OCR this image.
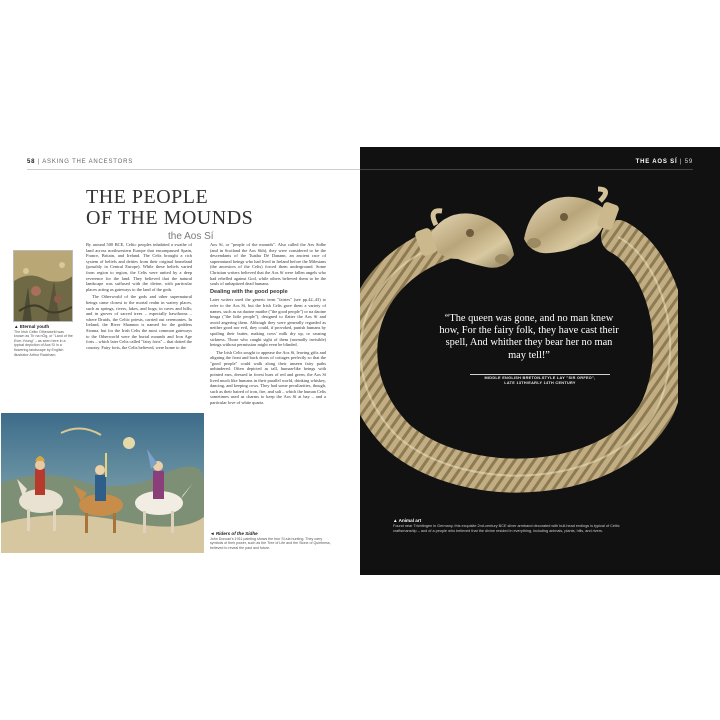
58 | ASKING THE ANCESTORS
THE PEOPLE
OF THE MOUNDS
the Aos Sí
▲ Eternal youth
The Irish Celtic Otherworld was known as Tír na nÓg, or "Land of the Ever-Young" – as seen here in a typical depiction of Aos Sí in a flowering landscape by English illustrator Arthur Rackham.

By around 500 BCE, Celtic peoples inhabited a swathe of land across northwestern Europe that encompassed Spain, France, Britain, and Ireland. The Celts brought a rich system of beliefs and deities from their original homeland (possibly in Central Europe). While these beliefs varied from region to region, the Celts were united by a deep reverence for the land. They believed that the natural landscape was suffused with the divine, with particular places acting as gateways to the land of the gods.

The Otherworld of the gods and other supernatural beings came closest to the mortal realm in watery places, such as springs, rivers, lakes, and bogs; in caves and hills; and in groves of sacred trees – especially hawthorns – where Druids, the Celtic priests, carried out ceremonies. In Ireland, the River Shannon is named for the goddess Sionna, but for the Irish Celts the most common gateways to the Otherworld were the burial mounds and Iron Age forts – which later Celts called "fairy forts" – that dotted the country. Fairy forts, the Celts believed, were home to the

Aos Sí, or "people of the mounds". Also called the Aes Sidhe (and in Scotland the Aos Sìth), they were considered to be the descendants of the Tuatha Dé Danann, an ancient race of supernatural beings who had lived in Ireland before the Milesians (the ancestors of the Celts) forced them underground. Some Christian writers believed that the Aos Sí were fallen angels who had rebelled against God, while others believed them to be the souls of unbaptized dead humans.

Dealing with the good people

Later writers used the generic term "fairies" (see pp.42–43) to refer to the Aos Sí, but the Irish Celts gave them a variety of names, such as na daoine maithe ("the good people") or na daoine beaga ("the little people"), designed to flatter the Aos Sí and avoid angering them. Although they were generally regarded as neither good nor evil, they could, if provoked, punish humans by spoiling their butter, making cows' milk dry up, or causing sickness. Those who caught sight of them (normally invisible) beings without permission might even be blinded.

The Irish Celts sought to appease the Aos Sí, leaving gifts and aligning the front and back doors of cottages perfectly so that the "good people" could walk along their unseen fairy paths unhindered. Often depicted as tall, human-like beings with pointed ears, dressed in forest hues of red and green, the Aos Sí lived much like humans in their parallel world, drinking whiskey, dancing, and keeping cows. They had some peculiarities, though, such as their hatred of iron, fire, and salt – which the human Celts sometimes used as charms to keep the Aos Sí at bay – and a particular love of white quartz.

◄ Riders of the Sidhe
John Duncan's 1911 painting shows the four Sí-sia hunting. They carry symbols of their power, such as the Tree of Life and the Stone of Quietness, believed to reveal the past and future.
THE AOS SÍ | 59
“The queen was gone, and no man knew how, For the fairy folk, they have cast their spell, And whither they bear her no man may tell!”
MIDDLE ENGLISH BRETON-STYLE LAY "SIR ORFEO",
LATE 13TH/EARLY 14TH CENTURY
▲ Animal art
Found near Trichtingen in Germany, this exquisite 2nd-century BCE silver armband decorated with bull-head endings is typical of Celtic craftsmanship – and of a people who believed that the divine resided in everything, including animals, plants, hills, and rivers.
